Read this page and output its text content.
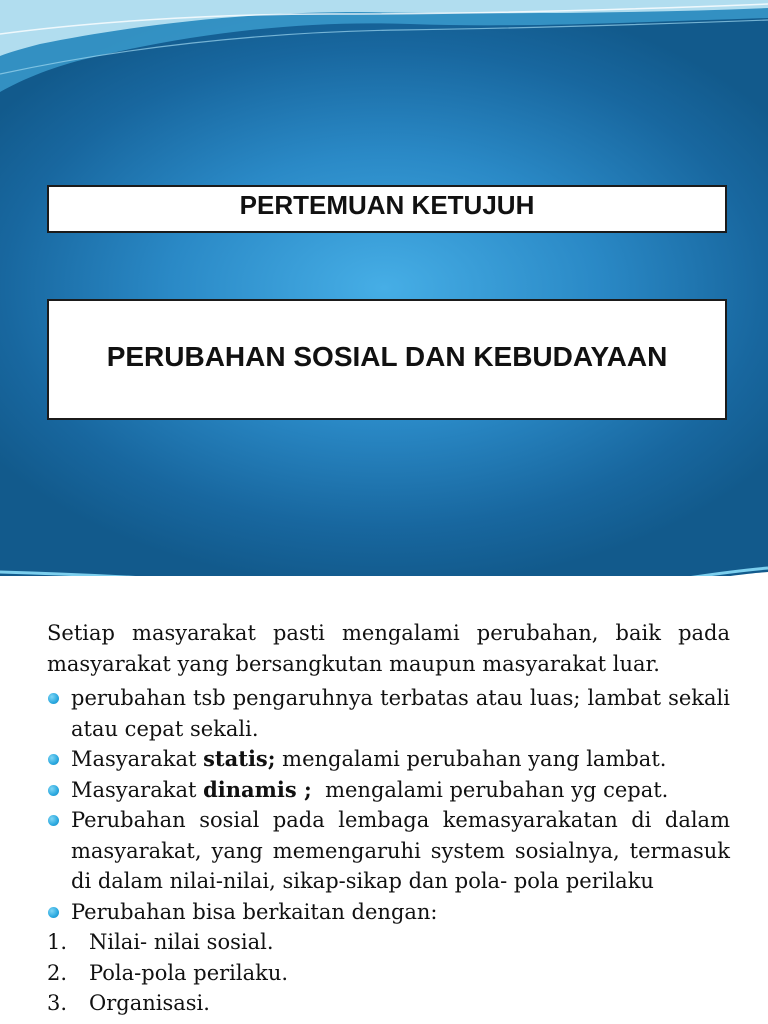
PERTEMUAN KETUJUH
PERUBAHAN SOSIAL DAN KEBUDAYAAN

Setiap masyarakat pasti mengalami perubahan, baik pada masyarakat yang bersangkutan maupun masyarakat luar.

perubahan tsb pengaruhnya terbatas atau luas; lambat sekali atau cepat sekali.
Masyarakat statis; mengalami perubahan yang lambat.
Masyarakat dinamis ;  mengalami perubahan yg cepat.
Perubahan sosial pada lembaga kemasyarakatan di dalam masyarakat, yang memengaruhi system sosialnya, termasuk di dalam nilai-nilai, sikap-sikap dan pola- pola perilaku
Perubahan bisa berkaitan dengan:
1. Nilai- nilai sosial.
2. Pola-pola perilaku.
3. Organisasi.
